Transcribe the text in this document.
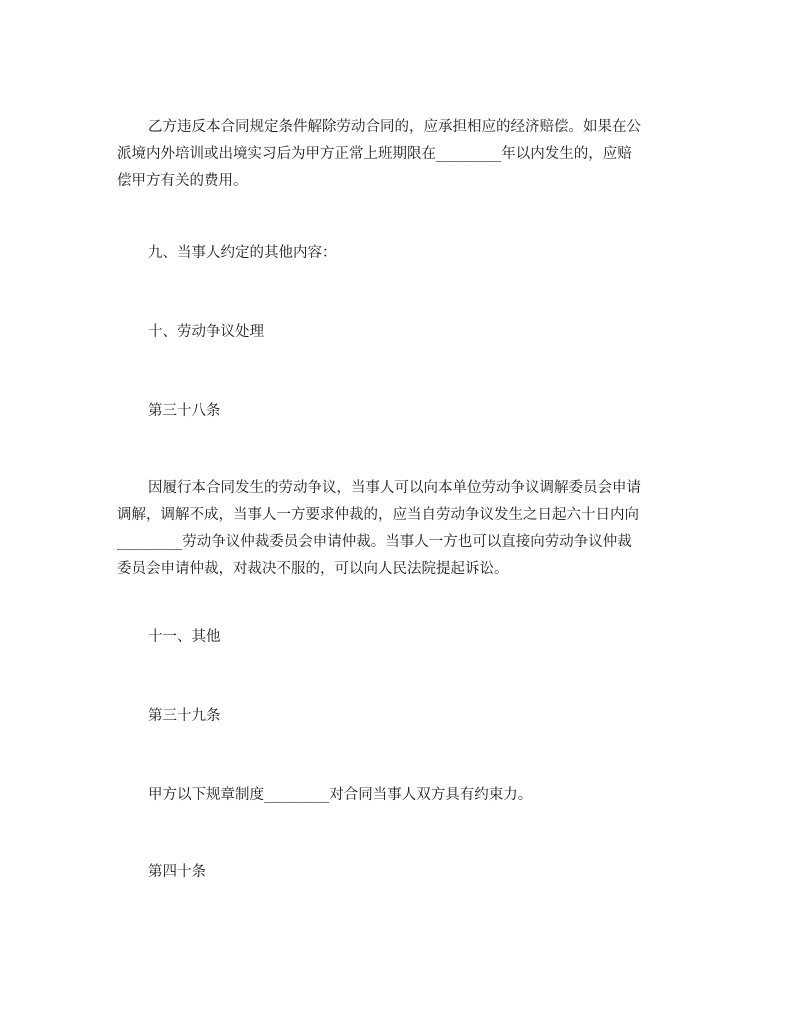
乙方违反本合同规定条件解除劳动合同的，应承担相应的经济赔偿。如果在公
派境内外培训或出境实习后为甲方正常上班期限在_________年以内发生的，应赔
偿甲方有关的费用。
九、当事人约定的其他内容：
十、劳动争议处理
第三十八条
因履行本合同发生的劳动争议，当事人可以向本单位劳动争议调解委员会申请
调解，调解不成，当事人一方要求仲裁的，应当自劳动争议发生之日起六十日内向
_________劳动争议仲裁委员会申请仲裁。当事人一方也可以直接向劳动争议仲裁
委员会申请仲裁，对裁决不服的，可以向人民法院提起诉讼。
十一、其他
第三十九条
甲方以下规章制度_________对合同当事人双方具有约束力。
第四十条
